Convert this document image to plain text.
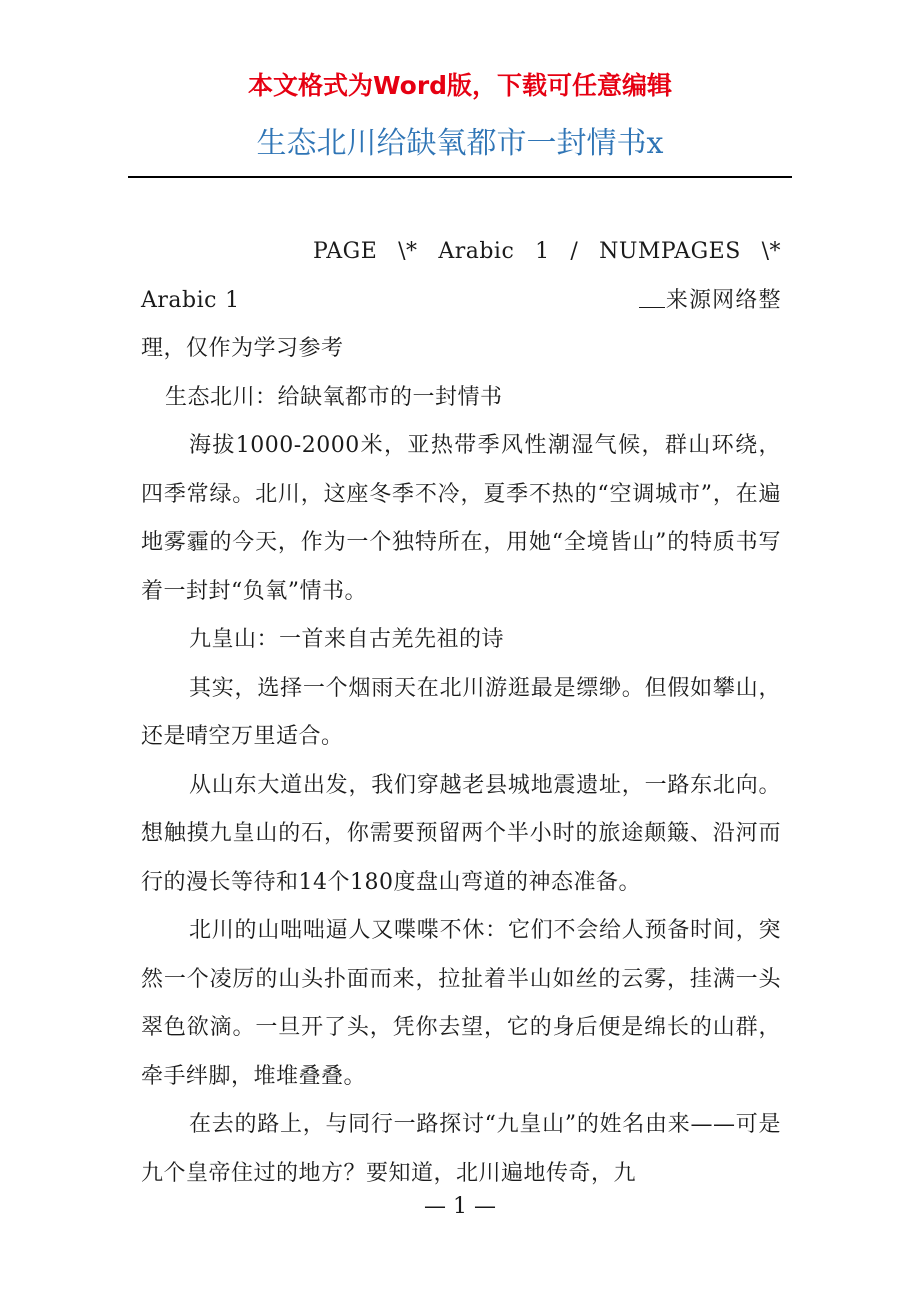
本文格式为Word版，下载可任意编辑
生态北川给缺氧都市一封情书x

PAGE \* Arabic 1 / NUMPAGES \* Arabic 1	来源网络整理，仅作为学习参考

生态北川：给缺氧都市的一封情书

海拔1000-2000米，亚热带季风性潮湿气候，群山环绕，四季常绿。北川，这座冬季不冷，夏季不热的“空调城市”，在遍地雾霾的今天，作为一个独特所在，用她“全境皆山”的特质书写着一封封“负氧”情书。

九皇山：一首来自古羌先祖的诗

其实，选择一个烟雨天在北川游逛最是缥缈。但假如攀山，还是晴空万里适合。

从山东大道出发，我们穿越老县城地震遗址，一路东北向。想触摸九皇山的石，你需要预留两个半小时的旅途颠簸、沿河而行的漫长等待和14个180度盘山弯道的神态准备。

北川的山咄咄逼人又喋喋不休：它们不会给人预备时间，突然一个凌厉的山头扑面而来，拉扯着半山如丝的云雾，挂满一头翠色欲滴。一旦开了头，凭你去望，它的身后便是绵长的山群，牵手绊脚，堆堆叠叠。

在去的路上，与同行一路探讨“九皇山”的姓名由来——可是九个皇帝住过的地方？要知道，北川遍地传奇，九

— 1 —
